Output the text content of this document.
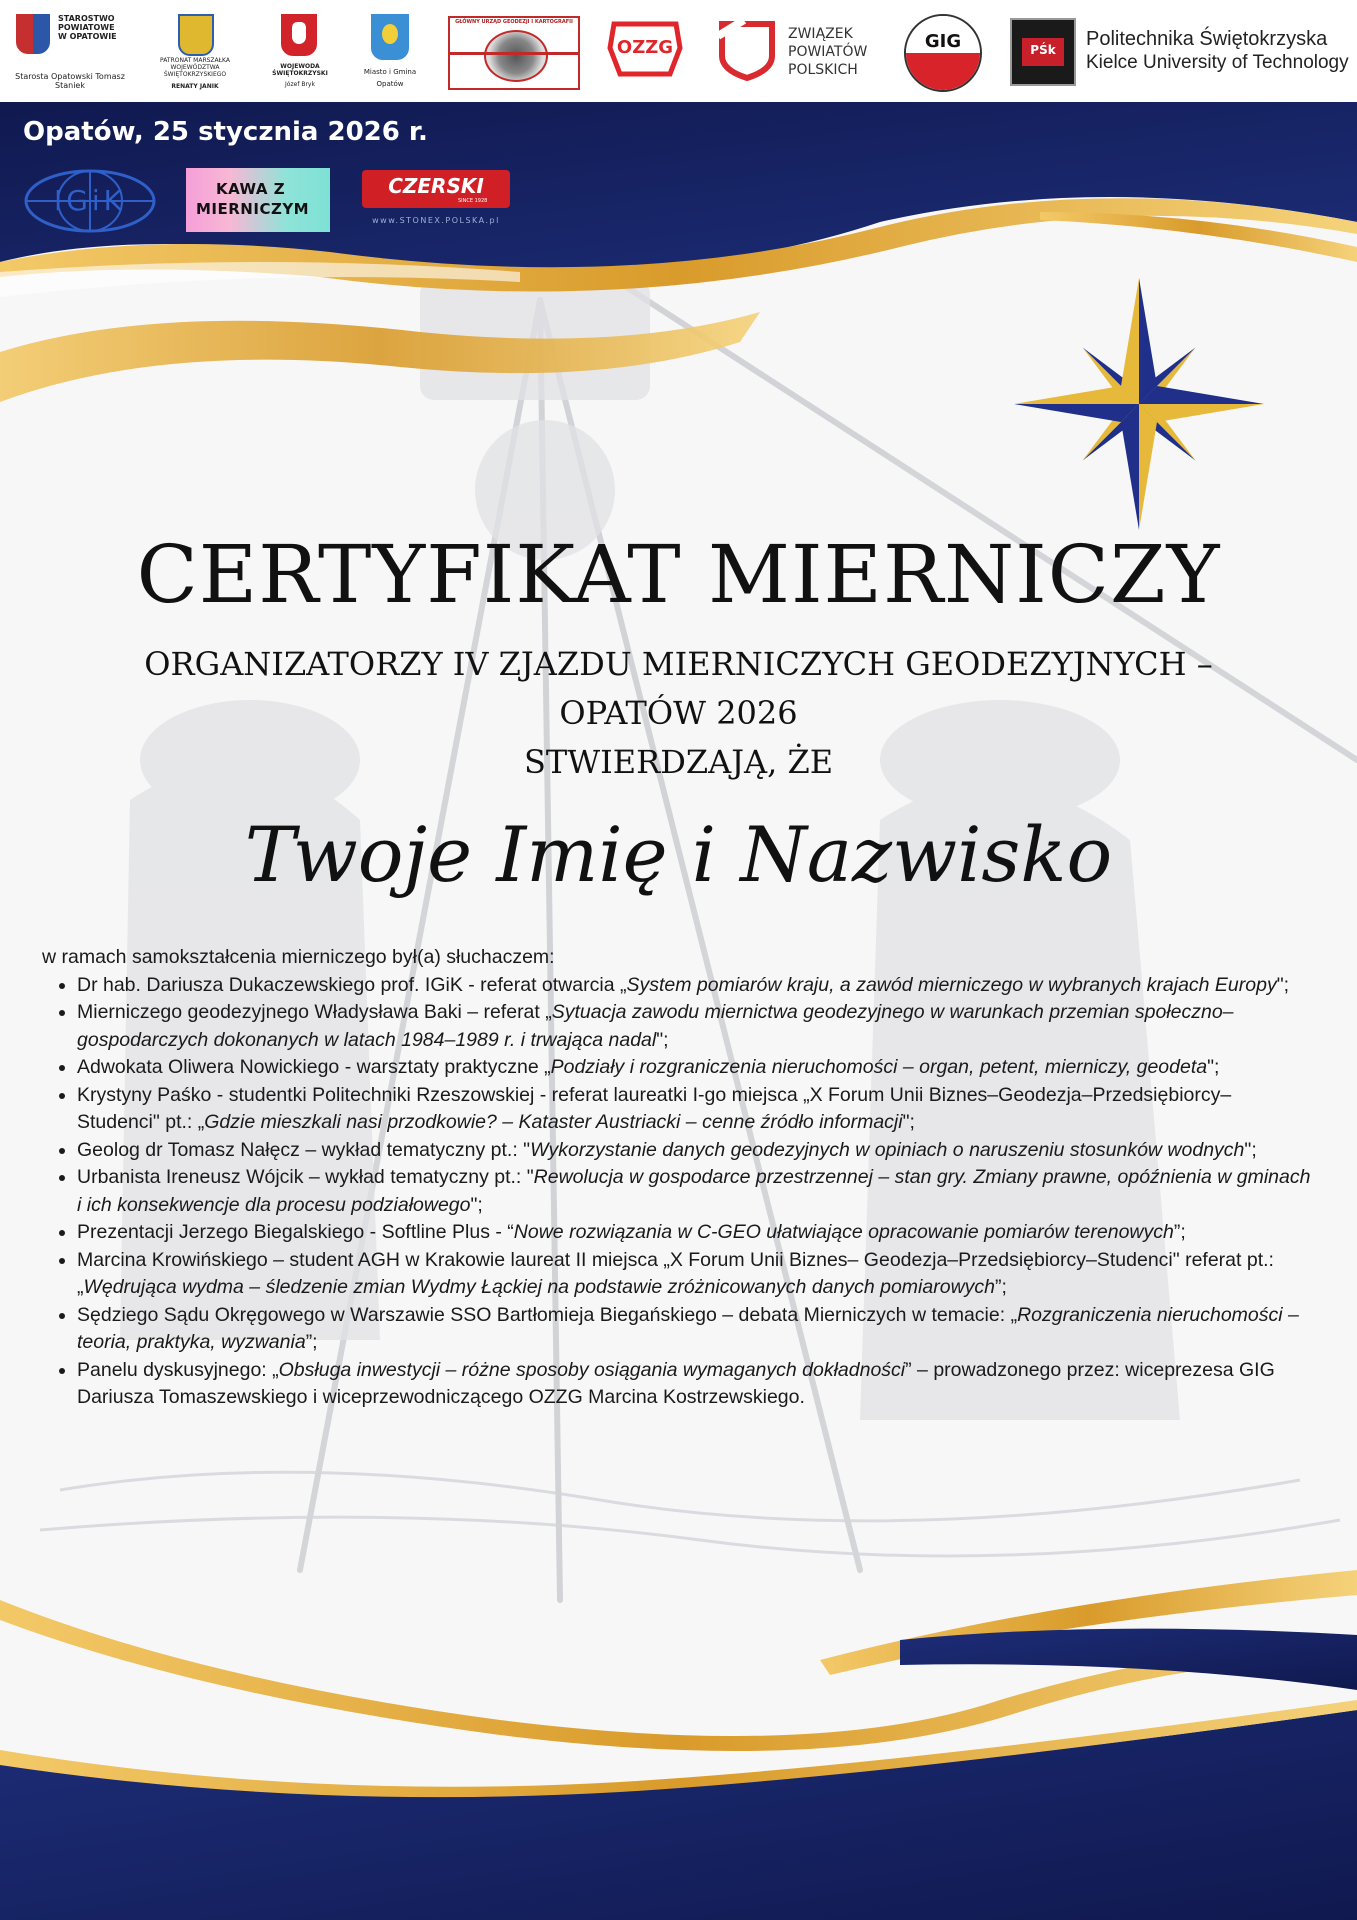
STAROSTWO POWIATOWE W OPATOWIE
Starosta Opatowski Tomasz Staniek
PATRONAT MARSZAŁKA WOJEWÓDZTWA ŚWIĘTOKRZYSKIEGO
RENATY JANIK
WOJEWODA ŚWIĘTOKRZYSKI
Józef Bryk
Miasto i Gmina
Opatów
GŁÓWNY URZĄD GEODEZJI I KARTOGRAFII
OZZG
ZWIĄZEK
POWIATÓW
POLSKICH
GIG	PŚk	Politechnika Świętokrzyska
Kielce University of Technology
Opatów, 25 stycznia 2026 r.
IGiK	KAWA Z
MIERNICZYM
CZERSKI
SINCE 1928
www.STONEX.POLSKA.pl
CERTYFIKAT MIERNICZY
ORGANIZATORZY IV ZJAZDU MIERNICZYCH GEODEZYJNYCH –
OPATÓW 2026
STWIERDZAJĄ, ŻE
Twoje Imię i Nazwisko
w ramach samokształcenia mierniczego był(a) słuchaczem:
• Dr hab. Dariusza Dukaczewskiego prof. IGiK - referat otwarcia „System pomiarów kraju, a zawód mierniczego w wybranych krajach Europy";
• Mierniczego geodezyjnego Władysława Baki – referat „Sytuacja zawodu miernictwa geodezyjnego w warunkach przemian społeczno–gospodarczych dokonanych w latach 1984–1989 r. i trwająca nadal";
• Adwokata Oliwera Nowickiego - warsztaty praktyczne „Podziały i rozgraniczenia nieruchomości – organ, petent, mierniczy, geodeta";
• Krystyny Paśko - studentki Politechniki Rzeszowskiej - referat laureatki I-go miejsca „X Forum Unii Biznes–Geodezja–Przedsiębiorcy–Studenci" pt.: „Gdzie mieszkali nasi przodkowie? – Kataster Austriacki – cenne źródło informacji";
• Geolog dr Tomasz Nałęcz – wykład tematyczny pt.: "Wykorzystanie danych geodezyjnych w opiniach o naruszeniu stosunków wodnych";
• Urbanista Ireneusz Wójcik – wykład tematyczny pt.: "Rewolucja w gospodarce przestrzennej – stan gry. Zmiany prawne, opóźnienia w gminach i ich konsekwencje dla procesu podziałowego";
• Prezentacji Jerzego Biegalskiego - Softline Plus - “Nowe rozwiązania w C-GEO ułatwiające opracowanie pomiarów terenowych”;
• Marcina Krowińskiego – student AGH w Krakowie laureat II miejsca „X Forum Unii Biznes– Geodezja–Przedsiębiorcy–Studenci" referat pt.: „Wędrująca wydma – śledzenie zmian Wydmy Łąckiej na podstawie zróżnicowanych danych pomiarowych”;
• Sędziego Sądu Okręgowego w Warszawie SSO Bartłomieja Biegańskiego – debata Mierniczych w temacie: „Rozgraniczenia nieruchomości – teoria, praktyka, wyzwania”;
• Panelu dyskusyjnego: „Obsługa inwestycji – różne sposoby osiągania wymaganych dokładności” – prowadzonego przez: wiceprezesa GIG Dariusza Tomaszewskiego i wiceprzewodniczącego OZZG Marcina Kostrzewskiego.
